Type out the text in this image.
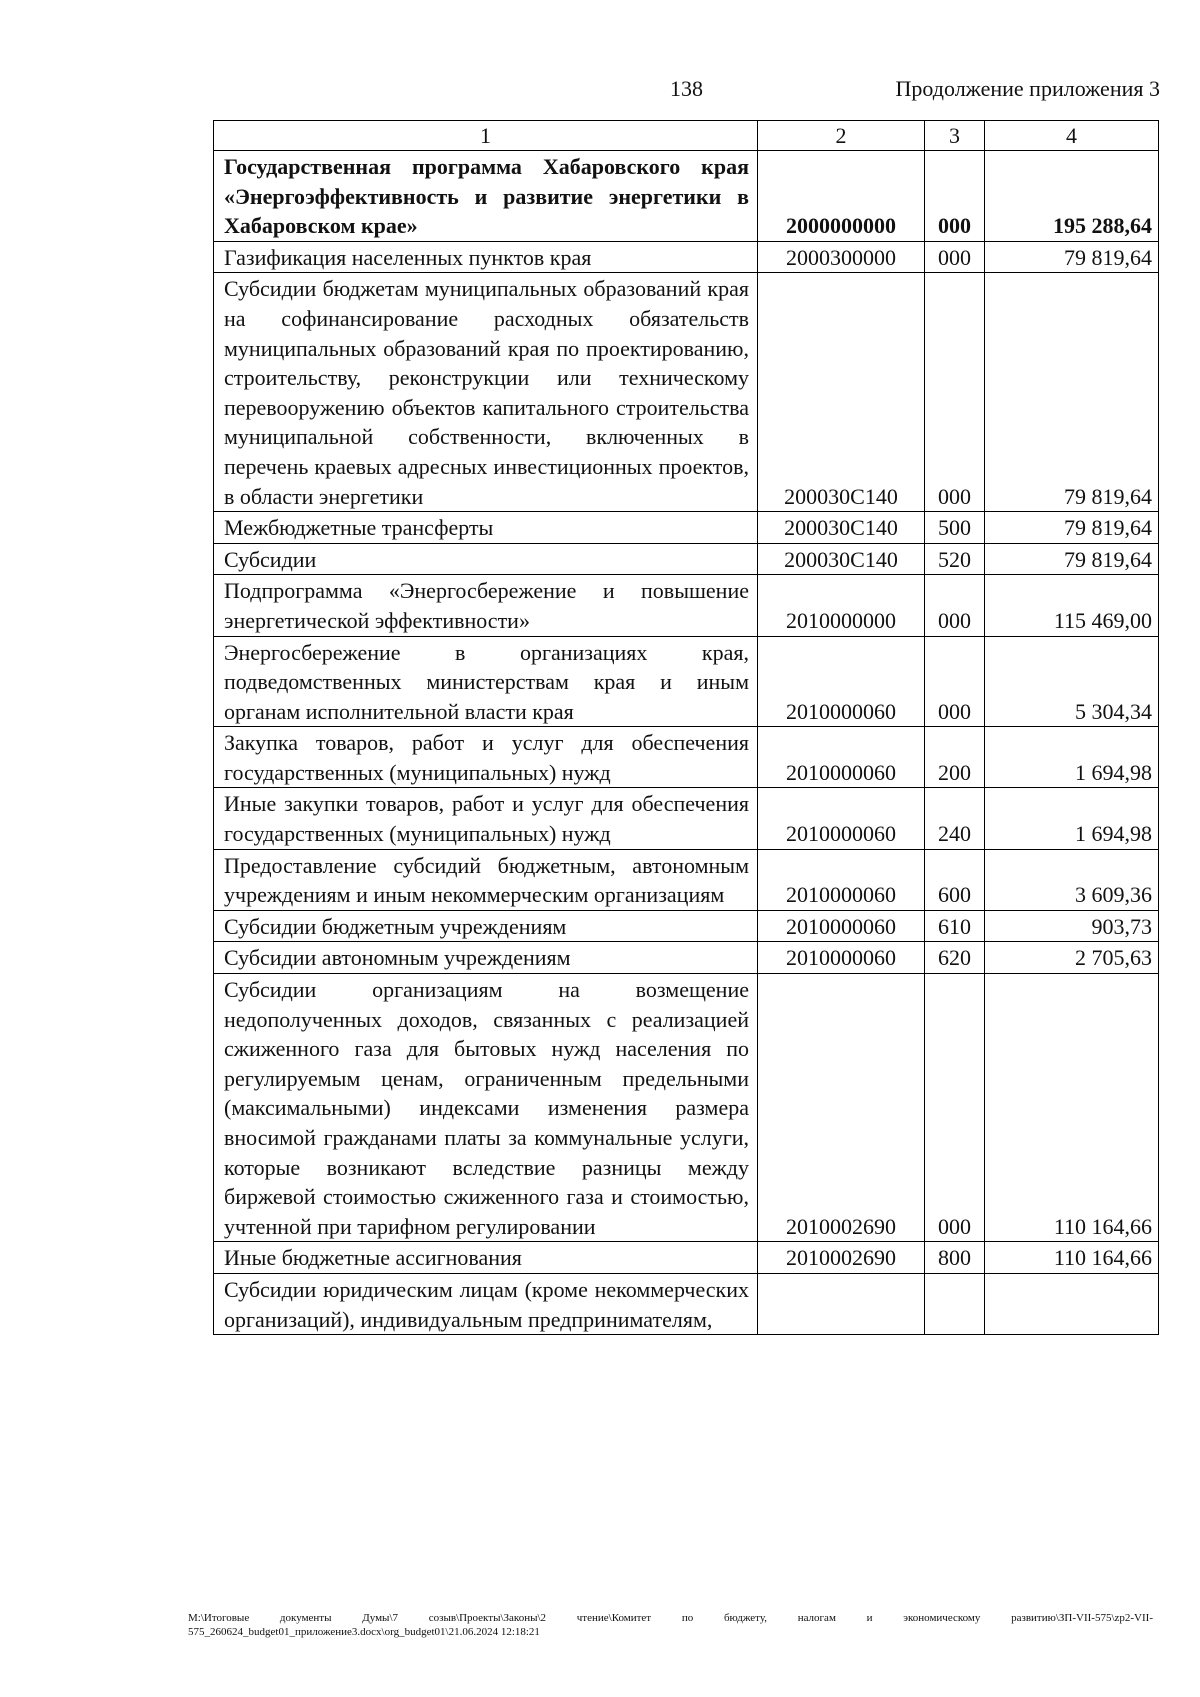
138	Продолжение приложения 3
1	2	3	4
Государственная программа Хабаровского края «Энергоэффективность и развитие энергетики в Хабаровском крае»	2000000000	000	195 288,64
Газификация населенных пунктов края	2000300000	000	79 819,64
Субсидии бюджетам муниципальных образований края на софинансирование расходных обязательств муниципальных образований края по проектированию, строительству, реконструкции или техническому перевооружению объектов капитального строительства муниципальной собственности, включенных в перечень краевых адресных инвестиционных проектов, в области энергетики	200030С140	000	79 819,64
Межбюджетные трансферты	200030С140	500	79 819,64
Субсидии	200030С140	520	79 819,64
Подпрограмма «Энергосбережение и повышение энергетической эффективности»	2010000000	000	115 469,00
Энергосбережение в организациях края, подведомственных министерствам края и иным органам исполнительной власти края	2010000060	000	5 304,34
Закупка товаров, работ и услуг для обеспечения государственных (муниципальных) нужд	2010000060	200	1 694,98
Иные закупки товаров, работ и услуг для обеспечения государственных (муниципальных) нужд	2010000060	240	1 694,98
Предоставление субсидий бюджетным, автономным учреждениям и иным некоммерческим организациям	2010000060	600	3 609,36
Субсидии бюджетным учреждениям	2010000060	610	903,73
Субсидии автономным учреждениям	2010000060	620	2 705,63
Субсидии организациям на возмещение недополученных доходов, связанных с реализацией сжиженного газа для бытовых нужд населения по регулируемым ценам, ограниченным предельными (максимальными) индексами изменения размера вносимой гражданами платы за коммунальные услуги, которые возникают вследствие разницы между биржевой стоимостью сжиженного газа и стоимостью, учтенной при тарифном регулировании	2010002690	000	110 164,66
Иные бюджетные ассигнования	2010002690	800	110 164,66
Субсидии юридическим лицам (кроме некоммерческих организаций), индивидуальным предпринимателям,			
М:\Итоговые документы Думы\7 созыв\Проекты\Законы\2 чтение\Комитет по бюджету, налогам и экономическому развитию\ЗП-VII-575\zp2-VII-575_260624_budget01_приложение3.docx\org_budget01\21.06.2024 12:18:21
